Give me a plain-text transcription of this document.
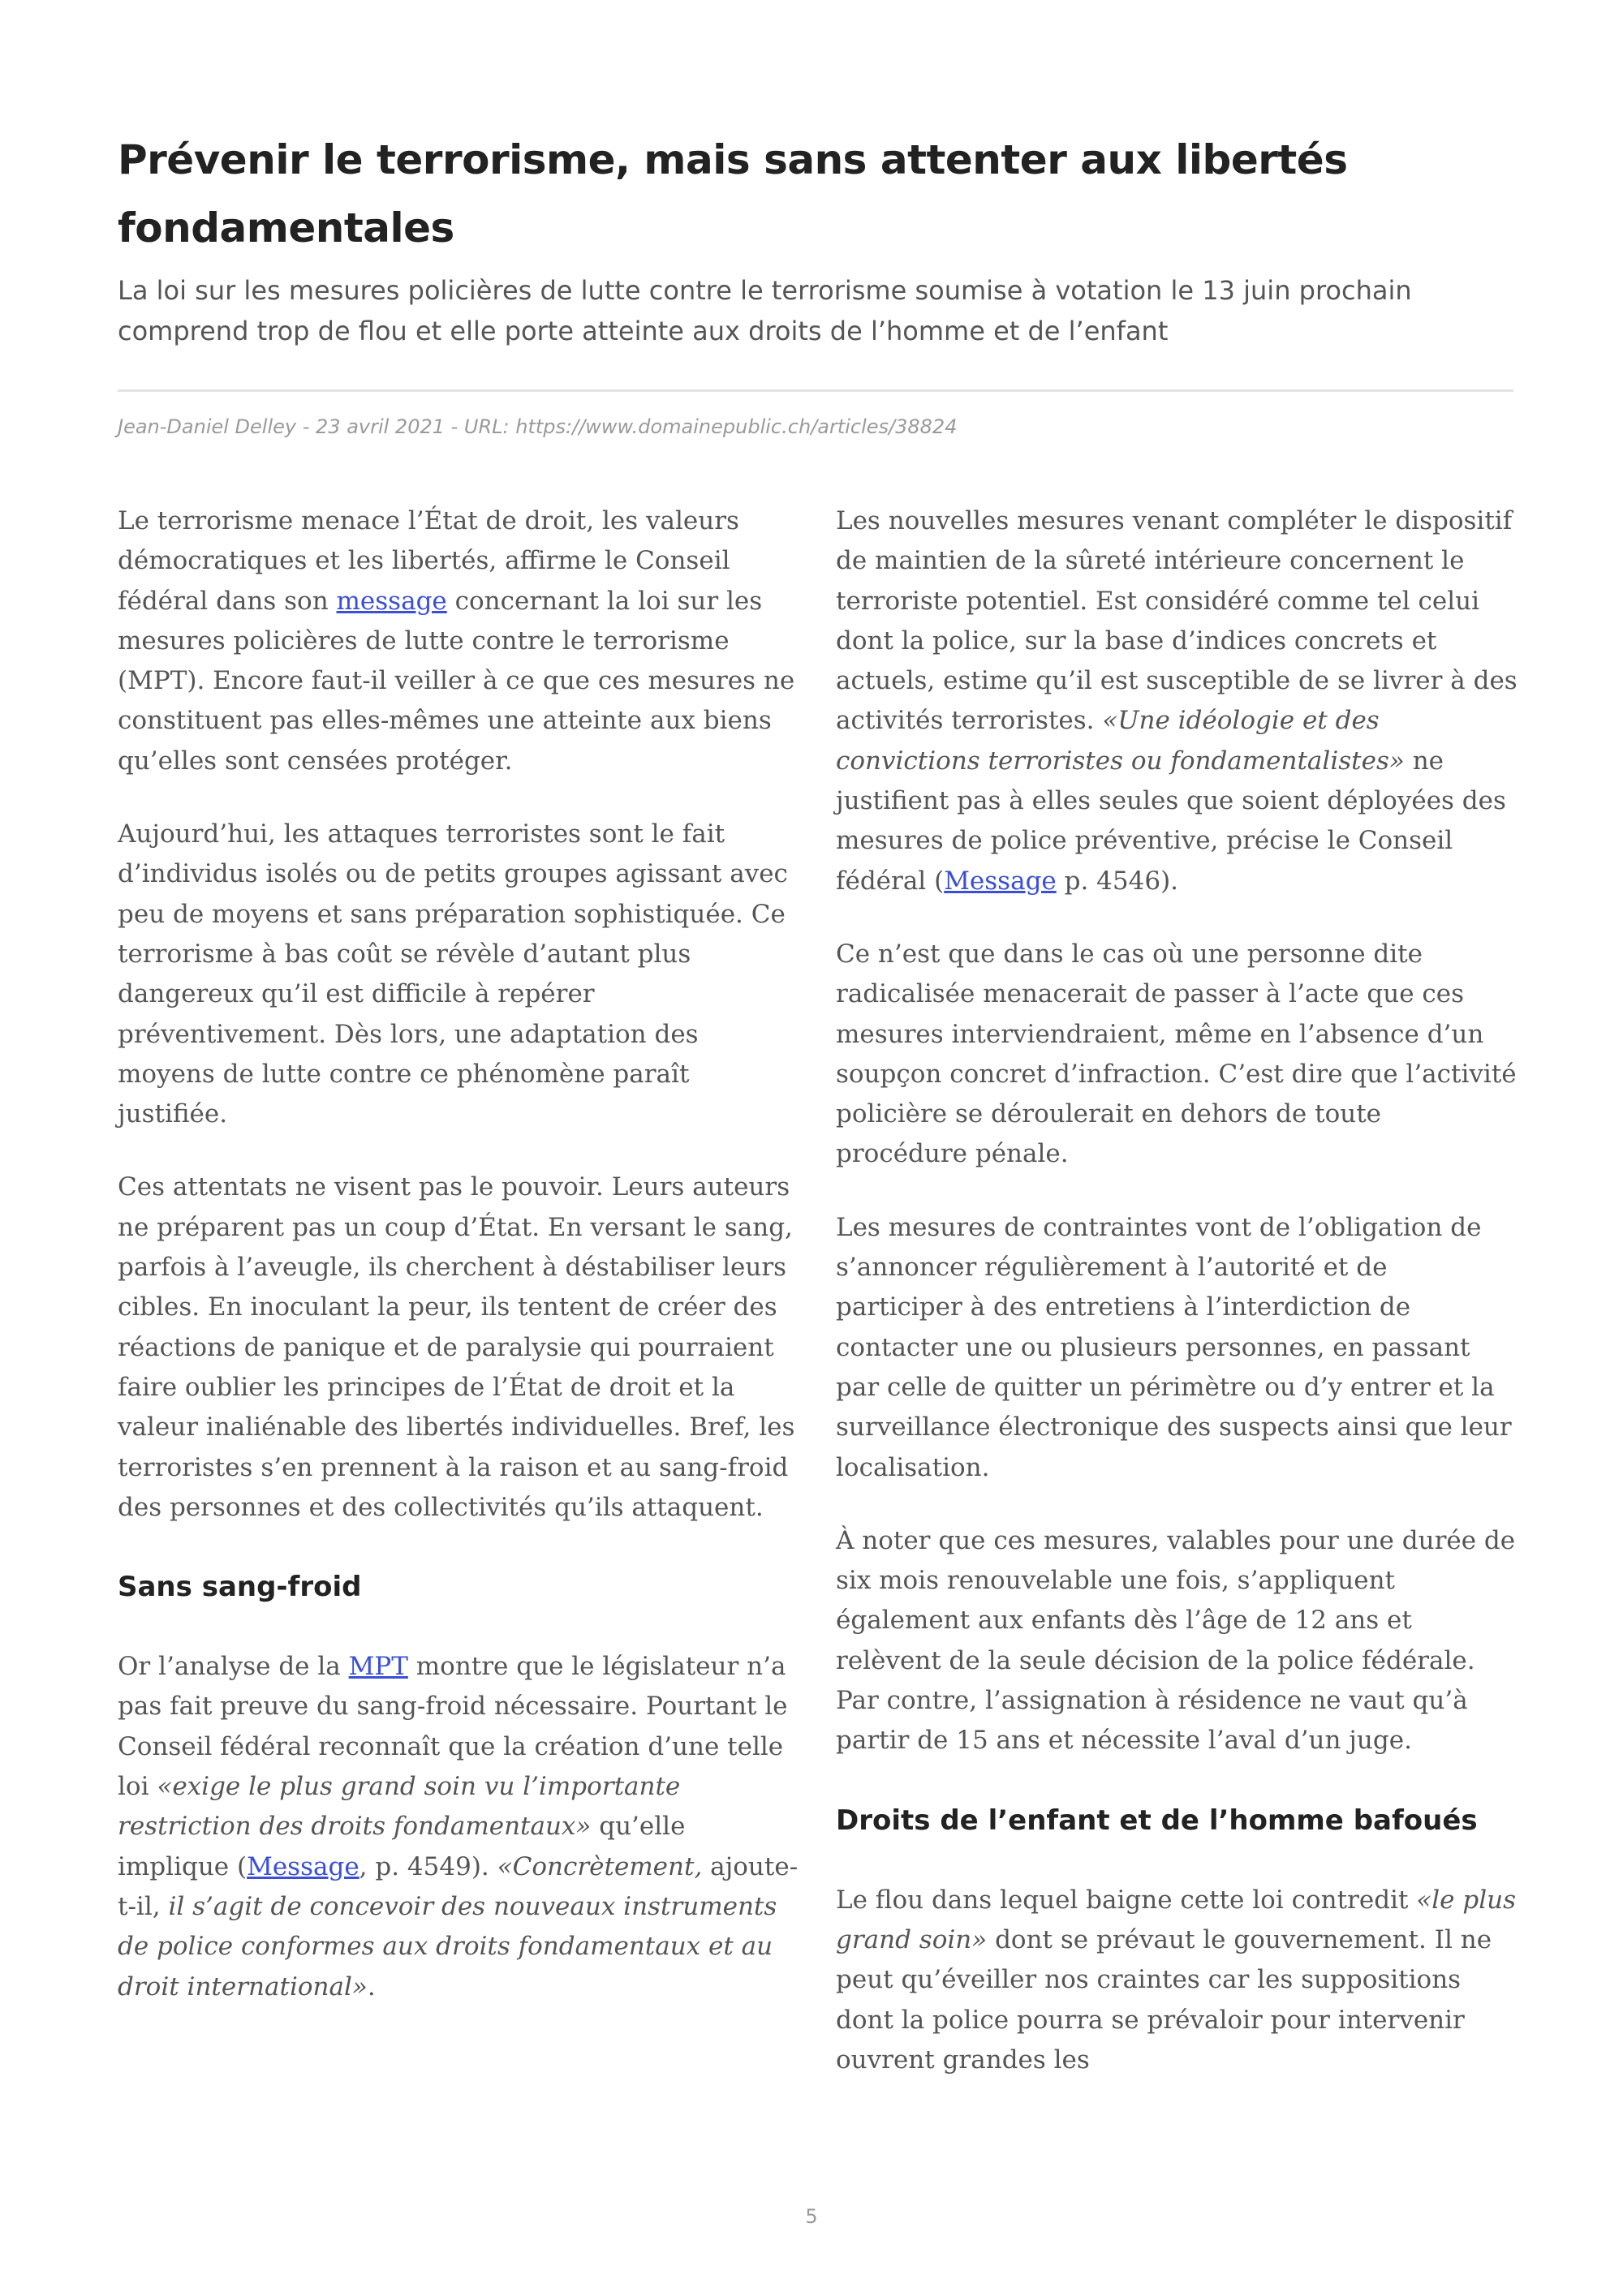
Prévenir le terrorisme, mais sans attenter aux libertés fondamentales

La loi sur les mesures policières de lutte contre le terrorisme soumise à votation le 13 juin prochain comprend trop de flou et elle porte atteinte aux droits de l’homme et de l’enfant

Jean-Daniel Delley - 23 avril 2021 - URL: https://www.domainepublic.ch/articles/38824

Le terrorisme menace l’État de droit, les valeurs démocratiques et les libertés, affirme le Conseil fédéral dans son message concernant la loi sur les mesures policières de lutte contre le terrorisme (MPT). Encore faut-il veiller à ce que ces mesures ne constituent pas elles-mêmes une atteinte aux biens qu’elles sont censées protéger.

Aujourd’hui, les attaques terroristes sont le fait d’individus isolés ou de petits groupes agissant avec peu de moyens et sans préparation sophistiquée. Ce terrorisme à bas coût se révèle d’autant plus dangereux qu’il est difficile à repérer préventivement. Dès lors, une adaptation des moyens de lutte contre ce phénomène paraît justifiée.

Ces attentats ne visent pas le pouvoir. Leurs auteurs ne préparent pas un coup d’État. En versant le sang, parfois à l’aveugle, ils cherchent à déstabiliser leurs cibles. En inoculant la peur, ils tentent de créer des réactions de panique et de paralysie qui pourraient faire oublier les principes de l’État de droit et la valeur inaliénable des libertés individuelles. Bref, les terroristes s’en prennent à la raison et au sang-froid des personnes et des collectivités qu’ils attaquent.

Sans sang-froid

Or l’analyse de la MPT montre que le législateur n’a pas fait preuve du sang-froid nécessaire. Pourtant le Conseil fédéral reconnaît que la création d’une telle loi «exige le plus grand soin vu l’importante restriction des droits fondamentaux» qu’elle implique (Message, p. 4549). «Concrètement, ajoute-t-il, il s’agit de concevoir des nouveaux instruments de police conformes aux droits fondamentaux et au droit international».

Les nouvelles mesures venant compléter le dispositif de maintien de la sûreté intérieure concernent le terroriste potentiel. Est considéré comme tel celui dont la police, sur la base d’indices concrets et actuels, estime qu’il est susceptible de se livrer à des activités terroristes. «Une idéologie et des convictions terroristes ou fondamentalistes» ne justifient pas à elles seules que soient déployées des mesures de police préventive, précise le Conseil fédéral (Message p. 4546).

Ce n’est que dans le cas où une personne dite radicalisée menacerait de passer à l’acte que ces mesures interviendraient, même en l’absence d’un soupçon concret d’infraction. C’est dire que l’activité policière se déroulerait en dehors de toute procédure pénale.

Les mesures de contraintes vont de l’obligation de s’annoncer régulièrement à l’autorité et de participer à des entretiens à l’interdiction de contacter une ou plusieurs personnes, en passant par celle de quitter un périmètre ou d’y entrer et la surveillance électronique des suspects ainsi que leur localisation.

À noter que ces mesures, valables pour une durée de six mois renouvelable une fois, s’appliquent également aux enfants dès l’âge de 12 ans et relèvent de la seule décision de la police fédérale. Par contre, l’assignation à résidence ne vaut qu’à partir de 15 ans et nécessite l’aval d’un juge.

Droits de l’enfant et de l’homme bafoués

Le flou dans lequel baigne cette loi contredit «le plus grand soin» dont se prévaut le gouvernement. Il ne peut qu’éveiller nos craintes car les suppositions dont la police pourra se prévaloir pour intervenir ouvrent grandes les

5
